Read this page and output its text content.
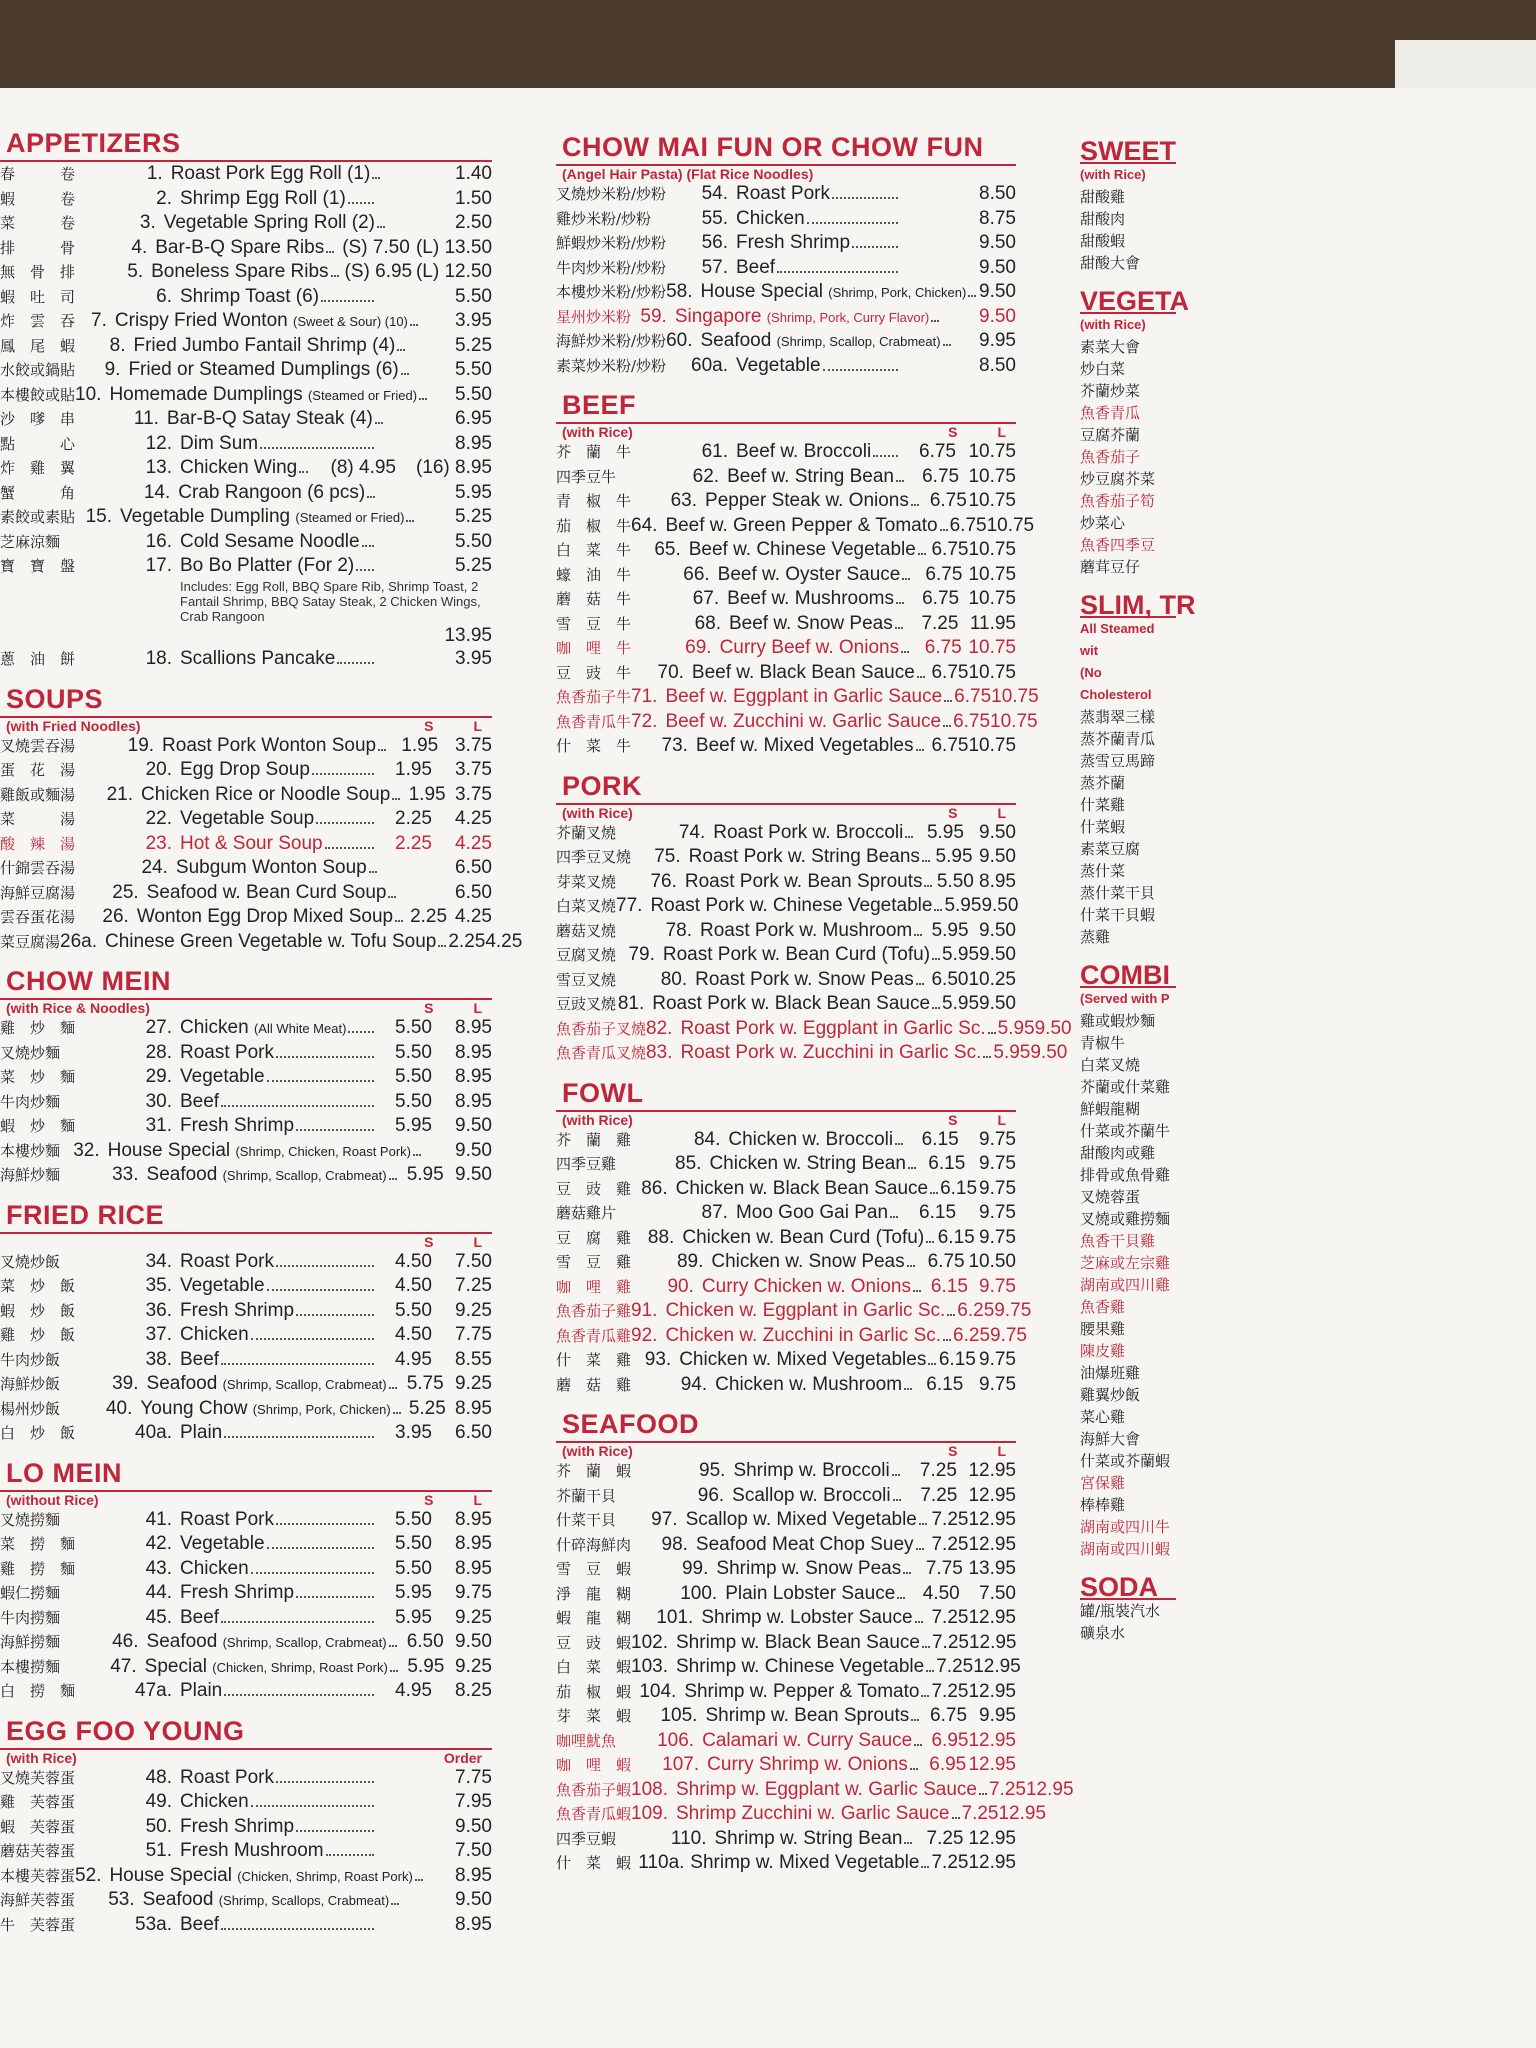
APPETIZERS
春　　　卷	1. Roast Pork Egg Roll (1)	1.40
蝦　　　卷	2. Shrimp Egg Roll (1)	1.50
菜　　　卷	3. Vegetable Spring Roll (2)	2.50
排　　　骨	4. Bar-B-Q Spare Ribs (S) 7.50 (L) 13.50
無　骨　排	5. Boneless Spare Ribs (S) 6.95 (L) 12.50
蝦　吐　司	6. Shrimp Toast (6)	5.50
炸　雲　吞 7. Crispy Fried Wonton (Sweet & Sour) (10) 3.95
鳳　尾　蝦	8. Fried Jumbo Fantail Shrimp (4)	5.25
水餃或鍋貼	9. Fried or Steamed Dumplings (6)	5.50
本樓餃或貼 10. Homemade Dumplings (Steamed or Fried) 5.50
沙　嗲　串	11. Bar-B-Q Satay Steak (4)	6.95
點　　　心	12. Dim Sum	8.95
炸　雞　翼	13. Chicken Wing	(8) 4.95	(16) 8.95
蟹　　　角	14. Crab Rangoon (6 pcs)	5.95
素餃或素貼 15. Vegetable Dumpling (Steamed or Fried)	5.25
芝麻涼麵	16. Cold Sesame Noodle	5.50
寶　寶　盤	17. Bo Bo Platter (For 2)	5.25
Includes: Egg Roll, BBQ Spare Rib, Shrimp Toast, 2 Fantail Shrimp, BBQ Satay Steak, 2 Chicken Wings, Crab Rangoon
13.95
蔥　油　餅	18. Scallions Pancake	3.95
SOUPS
(with Fried Noodles)	S	L
叉燒雲吞湯	19. Roast Pork Wonton Soup	1.95 3.75
蛋　花　湯	20. Egg Drop Soup	1.95	3.75
雞飯或麵湯	21. Chicken Rice or Noodle Soup 1.95 3.75
菜　　　湯	22. Vegetable Soup	2.25	4.25
酸　辣　湯	23. Hot & Sour Soup	2.25	4.25
什錦雲吞湯	24. Subgum Wonton Soup	6.50
海鮮豆腐湯	25. Seafood w. Bean Curd Soup	6.50
雲吞蛋花湯	26. Wonton Egg Drop Mixed Soup 2.25 4.25
菜豆腐湯 26a. Chinese Green Vegetable w. Tofu Soup 2.25 4.25
CHOW MEIN
(with Rice & Noodles)	S	L
雞　炒　麵	27. Chicken (All White Meat)	5.50	8.95
叉燒炒麵	28. Roast Pork	5.50	8.95
菜　炒　麵	29. Vegetable	5.50	8.95
牛肉炒麵	30. Beef	5.50	8.95
蝦　炒　麵	31. Fresh Shrimp	5.95	9.50
本樓炒麵 32. House Special (Shrimp, Chicken, Roast Pork) 9.50
海鮮炒麵	33. Seafood (Shrimp, Scallop, Crabmeat)	5.95 9.50
FRIED RICE
S	L
叉燒炒飯	34. Roast Pork	4.50	7.50
菜　炒　飯	35. Vegetable	4.50	7.25
蝦　炒　飯	36. Fresh Shrimp	5.50	9.25
雞　炒　飯	37. Chicken	4.50	7.75
牛肉炒飯	38. Beef	4.95	8.55
海鮮炒飯	39. Seafood (Shrimp, Scallop, Crabmeat)	5.75 9.25
楊州炒飯	40. Young Chow (Shrimp, Pork, Chicken) 5.25 8.95
白　炒　飯	40a. Plain	3.95	6.50
LO MEIN
(without Rice)	S	L
叉燒撈麵	41. Roast Pork	5.50	8.95
菜　撈　麵	42. Vegetable	5.50	8.95
雞　撈　麵	43. Chicken	5.50	8.95
蝦仁撈麵	44. Fresh Shrimp	5.95	9.75
牛肉撈麵	45. Beef	5.95	9.25
海鮮撈麵	46. Seafood (Shrimp, Scallop, Crabmeat)	6.50 9.50
本樓撈麵	47. Special (Chicken, Shrimp, Roast Pork)	5.95 9.25
白　撈　麵	47a. Plain	4.95	8.25
EGG FOO YOUNG
(with Rice)	Order
叉燒芙蓉蛋	48. Roast Pork	7.75
雞　芙蓉蛋	49. Chicken	7.95
蝦　芙蓉蛋	50. Fresh Shrimp	9.50
蘑菇芙蓉蛋	51. Fresh Mushroom	7.50
本樓芙蓉蛋 52. House Special (Chicken, Shrimp, Roast Pork) 8.95
海鮮芙蓉蛋	53. Seafood (Shrimp, Scallops, Crabmeat)	9.50
牛　芙蓉蛋	53a. Beef	8.95
CHOW MAI FUN OR CHOW FUN
(Angel Hair Pasta) (Flat Rice Noodles)
叉燒炒米粉/炒粉	54. Roast Pork	8.50
雞炒米粉/炒粉	55. Chicken	8.75
鮮蝦炒米粉/炒粉	56. Fresh Shrimp	9.50
牛肉炒米粉/炒粉	57. Beef	9.50
本樓炒米粉/炒粉 58. House Special (Shrimp, Pork, Chicken) 9.50
星州炒米粉 59. Singapore (Shrimp, Pork, Curry Flavor)	9.50
海鮮炒米粉/炒粉 60. Seafood (Shrimp, Scallop, Crabmeat) 9.95
素菜炒米粉/炒粉	60a. Vegetable	8.50
BEEF
(with Rice)	S	L
芥　蘭　牛	61. Beef w. Broccoli	6.75 10.75
四季豆牛	62. Beef w. String Bean	6.75 10.75
青　椒　牛	63. Pepper Steak w. Onions	6.75 10.75
茄　椒　牛 64. Beef w. Green Pepper & Tomato 6.75 10.75
白　菜　牛	65. Beef w. Chinese Vegetable 6.75 10.75
蠔　油　牛	66. Beef w. Oyster Sauce	6.75 10.75
蘑　菇　牛	67. Beef w. Mushrooms	6.75 10.75
雪　豆　牛	68. Beef w. Snow Peas	7.25 11.95
咖　哩　牛	69. Curry Beef w. Onions	6.75 10.75
豆　豉　牛	70. Beef w. Black Bean Sauce 6.75 10.75
魚香茄子牛 71. Beef w. Eggplant in Garlic Sauce 6.75 10.75
魚香青瓜牛 72. Beef w. Zucchini w. Garlic Sauce 6.75 10.75
什　菜　牛	73. Beef w. Mixed Vegetables 6.75 10.75
PORK
(with Rice)	S	L
芥蘭叉燒	74. Roast Pork w. Broccoli	5.95 9.50
四季豆叉燒	75. Roast Pork w. String Beans 5.95 9.50
芽菜叉燒	76. Roast Pork w. Bean Sprouts 5.50 8.95
白菜叉燒 77. Roast Pork w. Chinese Vegetable 5.95 9.50
蘑菇叉燒	78. Roast Pork w. Mushroom	5.95 9.50
豆腐叉燒 79. Roast Pork w. Bean Curd (Tofu) 5.95 9.50
雪豆叉燒	80. Roast Pork w. Snow Peas 6.50 10.25
豆豉叉燒 81. Roast Pork w. Black Bean Sauce 5.95 9.50
魚香茄子叉燒 82. Roast Pork w. Eggplant in Garlic Sc. 5.95 9.50
魚香青瓜叉燒 83. Roast Pork w. Zucchini in Garlic Sc. 5.95 9.50
FOWL
(with Rice)	S	L
芥　蘭　雞	84. Chicken w. Broccoli	6.15	9.75
四季豆雞	85. Chicken w. String Bean	6.15 9.75
豆　豉　雞 86. Chicken w. Black Bean Sauce 6.15 9.75
蘑菇雞片	87. Moo Goo Gai Pan	6.15	9.75
豆　腐　雞 88. Chicken w. Bean Curd (Tofu) 6.15 9.75
雪　豆　雞	89. Chicken w. Snow Peas	6.75 10.50
咖　哩　雞	90. Curry Chicken w. Onions	6.15 9.75
魚香茄子雞 91. Chicken w. Eggplant in Garlic Sc. 6.25 9.75
魚香青瓜雞 92. Chicken w. Zucchini in Garlic Sc. 6.25 9.75
什　菜　雞 93. Chicken w. Mixed Vegetables 6.15 9.75
蘑　菇　雞	94. Chicken w. Mushroom	6.15 9.75
SEAFOOD
(with Rice)	S	L
芥　蘭　蝦	95. Shrimp w. Broccoli	7.25 12.95
芥蘭干貝	96. Scallop w. Broccoli	7.25 12.95
什菜干貝	97. Scallop w. Mixed Vegetable 7.25 12.95
什碎海鮮肉	98. Seafood Meat Chop Suey 7.25 12.95
雪　豆　蝦	99. Shrimp w. Snow Peas	7.75 13.95
淨　龍　糊	100. Plain Lobster Sauce	4.50	7.50
蝦　龍　糊	101. Shrimp w. Lobster Sauce 7.25 12.95
豆　豉　蝦 102. Shrimp w. Black Bean Sauce 7.25 12.95
白　菜　蝦 103. Shrimp w. Chinese Vegetable 7.25 12.95
茄　椒　蝦 104. Shrimp w. Pepper & Tomato 7.25 12.95
芽　菜　蝦	105. Shrimp w. Bean Sprouts	6.75 9.95
咖哩魷魚	106. Calamari w. Curry Sauce	6.95 12.95
咖　哩　蝦	107. Curry Shrimp w. Onions	6.95 12.95
魚香茄子蝦 108. Shrimp w. Eggplant w. Garlic Sauce 7.25 12.95
魚香青瓜蝦 109. Shrimp Zucchini w. Garlic Sauce 7.25 12.95
四季豆蝦	110. Shrimp w. String Bean	7.25 12.95
什　菜　蝦 110a. Shrimp w. Mixed Vegetable 7.25 12.95
SWEET
(with Rice)
甜酸雞
甜酸肉
甜酸蝦
甜酸大會
VEGETA
(with Rice)
素菜大會
炒白菜
芥蘭炒菜
魚香青瓜
豆腐芥蘭
魚香茄子
炒豆腐芥菜
魚香茄子筍
炒菜心
魚香四季豆
蘑茸豆仔
SLIM, TR
All Steamed wit
(No Cholesterol
蒸翡翠三樣
蒸芥蘭青瓜
蒸雪豆馬蹄
蒸芥蘭
什菜雞
什菜蝦
素菜豆腐
蒸什菜
蒸什菜干貝
什菜干貝蝦
蒸雞
COMBI
(Served with P
雞或蝦炒麵
青椒牛
白菜叉燒
芥蘭或什菜雞
鮮蝦龍糊
什菜或芥蘭牛
甜酸肉或雞
排骨或魚骨雞
叉燒蓉蛋
叉燒或雞撈麵
魚香干貝雞
芝麻或左宗雞
湖南或四川雞
魚香雞
腰果雞
陳皮雞
油爆班雞
雞翼炒飯
菜心雞
海鮮大會
什菜或芥蘭蝦
宮保雞
棒棒雞
湖南或四川牛
湖南或四川蝦
SODA
罐/瓶裝汽水
礦泉水
